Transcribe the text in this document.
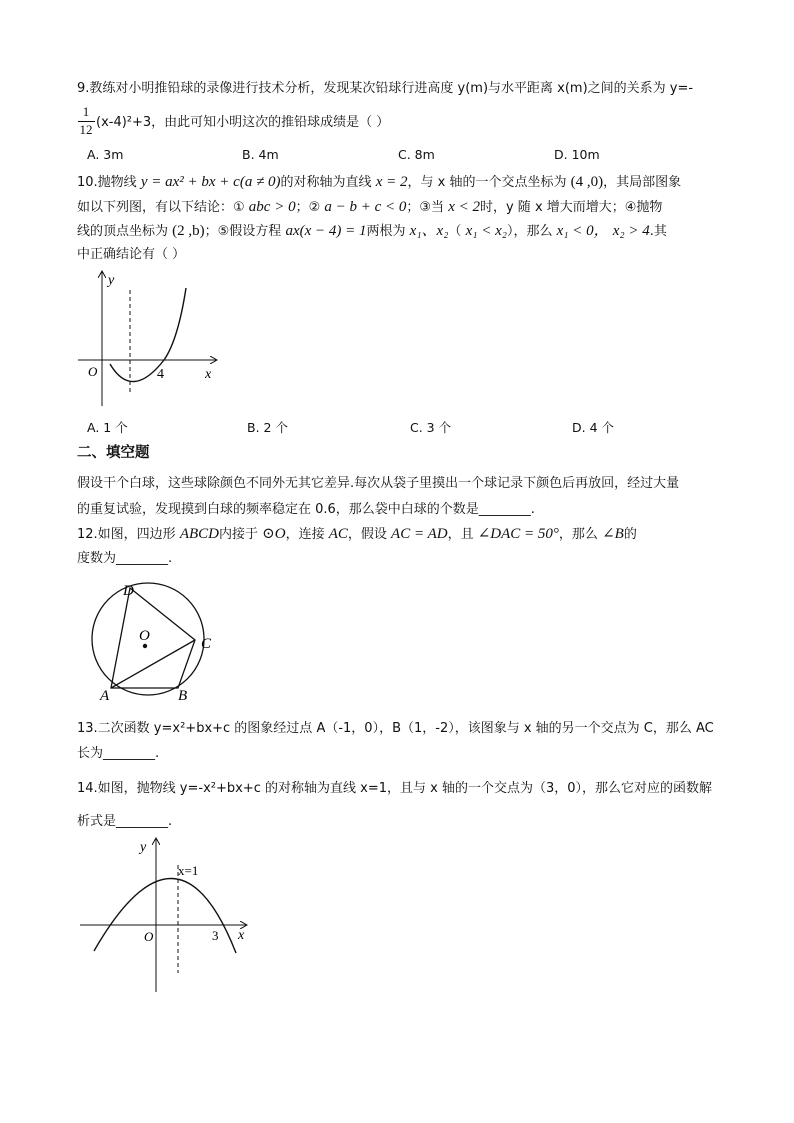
9.教练对小明推铅球的录像进行技术分析，发现某次铅球行进高度 y(m)与水平距离 x(m)之间的关系为 y=-
1
12 (x-4)²+3，由此可知小明这次的推铅球成绩是（ ）
A. 3m	B. 4m	C. 8m	D. 10m
10.抛物线 y = ax² + bx + c(a ≠ 0)的对称轴为直线 x = 2，与 x 轴的一个交点坐标为 (4 ,0)，其局部图象
如以下列图，有以下结论：① abc > 0；② a − b + c < 0；③当 x < 2时，y 随 x 增大而增大；④抛物
线的顶点坐标为 (2 ,b)；⑤假设方程 ax(x − 4) = 1两根为 x₁、x₂（ x₁ < x₂），那么 x₁ < 0， x₂ > 4.其
中正确结论有（ ）
y
x
O	4
A. 1 个	B. 2 个	C. 3 个	D. 4 个
二、填空题
假设干个白球，这些球除颜色不同外无其它差异.每次从袋子里摸出一个球记录下颜色后再放回，经过大量
的重复试验，发现摸到白球的频率稳定在 0.6，那么袋中白球的个数是________.
12.如图，四边形 ABCD内接于 ⊙O，连接 AC，假设 AC = AD，且 ∠DAC = 50°，那么 ∠B的
度数为________.
D
O	C
A	B
13.二次函数 y=x²+bx+c 的图象经过点 A（-1，0），B（1，-2），该图象与 x 轴的另一个交点为 C，那么 AC
长为________.
14.如图，抛物线 y=-x²+bx+c 的对称轴为直线 x=1，且与 x 轴的一个交点为（3，0），那么它对应的函数解
析式是________.
y
x
O	3
x=1
